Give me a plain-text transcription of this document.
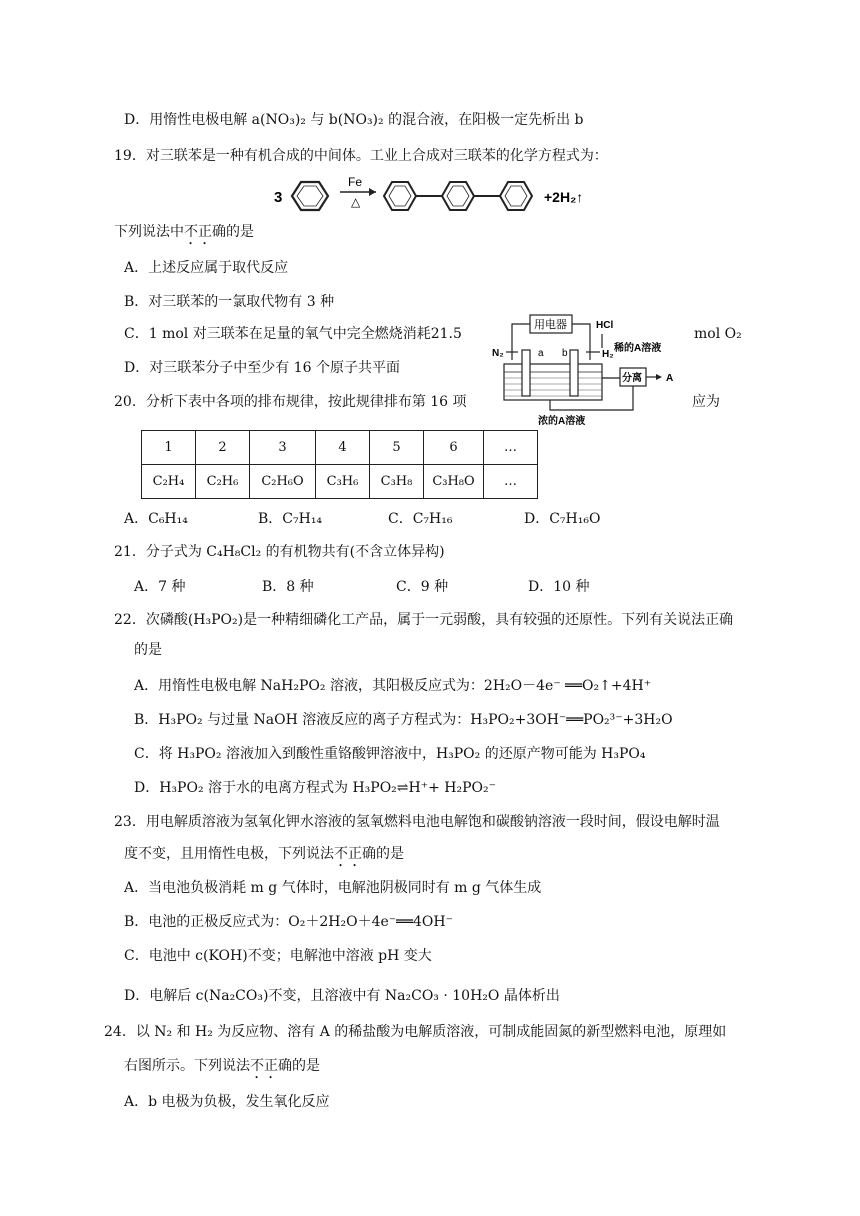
D．用惰性电极电解 a(NO₃)₂ 与 b(NO₃)₂ 的混合液，在阳极一定先析出 b
19．对三联苯是一种有机合成的中间体。工业上合成对三联苯的化学方程式为：
3
Fe
△	+2H₂↑
下列说法中不正确的是
A．上述反应属于取代反应
B．对三联苯的一氯取代物有 3 种
C．1 mol 对三联苯在足量的氧气中完全燃烧消耗21.5	mol O₂
D．对三联苯分子中至少有 16 个原子共平面
20．分析下表中各项的排布规律，按此规律排布第 16 项	应为
用电器	HCl
稀的A溶液
N₂	a b	H₂
分离 A
浓的A溶液
1	2	3	4	5	6	…
C₂H₄	C₂H₆	C₂H₆O	C₃H₆	C₃H₈	C₃H₈O	…
A．C₆H₁₄	B．C₇H₁₄	C．C₇H₁₆	D．C₇H₁₆O
21．分子式为 C₄H₈Cl₂ 的有机物共有(不含立体异构)
A．7 种	B．8 种	C．9 种	D．10 种
22．次磷酸(H₃PO₂)是一种精细磷化工产品，属于一元弱酸，具有较强的还原性。下列有关说法正确
的是
A．用惰性电极电解 NaH₂PO₂ 溶液，其阳极反应式为：2H₂O－4e⁻ ══O₂↑+4H⁺
B．H₃PO₂ 与过量 NaOH 溶液反应的离子方程式为：H₃PO₂+3OH⁻══PO₂³⁻+3H₂O
C．将 H₃PO₂ 溶液加入到酸性重铬酸钾溶液中，H₃PO₂ 的还原产物可能为 H₃PO₄
D．H₃PO₂ 溶于水的电离方程式为 H₃PO₂⇌H⁺+ H₂PO₂⁻
23．用电解质溶液为氢氧化钾水溶液的氢氧燃料电池电解饱和碳酸钠溶液一段时间，假设电解时温
度不变，且用惰性电极，下列说法不正确的是
A．当电池负极消耗 m g 气体时，电解池阴极同时有 m g 气体生成
B．电池的正极反应式为：O₂＋2H₂O＋4e⁻══4OH⁻
C．电池中 c(KOH)不变；电解池中溶液 pH 变大
D．电解后 c(Na₂CO₃)不变，且溶液中有 Na₂CO₃ · 10H₂O 晶体析出
24．以 N₂ 和 H₂ 为反应物、溶有 A 的稀盐酸为电解质溶液，可制成能固氮的新型燃料电池，原理如
右图所示。下列说法不正确的是
A．b 电极为负极，发生氧化反应
